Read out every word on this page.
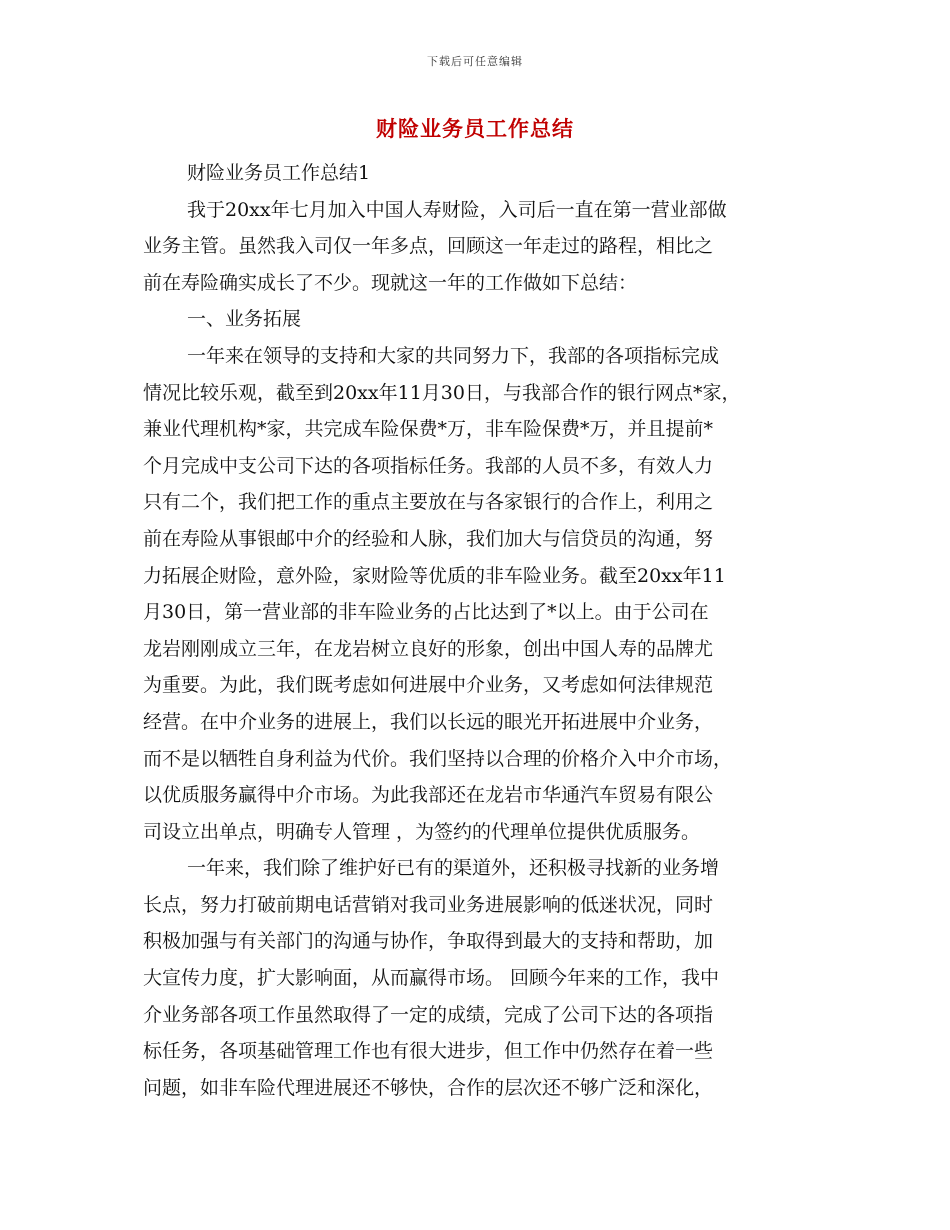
下载后可任意编辑
财险业务员工作总结
财险业务员工作总结1
我于20xx年七月加入中国人寿财险，入司后一直在第一营业部做
业务主管。虽然我入司仅一年多点，回顾这一年走过的路程，相比之
前在寿险确实成长了不少。现就这一年的工作做如下总结：
一、业务拓展
一年来在领导的支持和大家的共同努力下，我部的各项指标完成
情况比较乐观，截至到20xx年11月30日，与我部合作的银行网点*家，
兼业代理机构*家，共完成车险保费*万，非车险保费*万，并且提前*
个月完成中支公司下达的各项指标任务。我部的人员不多，有效人力
只有二个，我们把工作的重点主要放在与各家银行的合作上，利用之
前在寿险从事银邮中介的经验和人脉，我们加大与信贷员的沟通，努
力拓展企财险，意外险，家财险等优质的非车险业务。截至20xx年11
月30日，第一营业部的非车险业务的占比达到了*以上。由于公司在
龙岩刚刚成立三年，在龙岩树立良好的形象，创出中国人寿的品牌尤
为重要。为此，我们既考虑如何进展中介业务，又考虑如何法律规范
经营。在中介业务的进展上，我们以长远的眼光开拓进展中介业务，
而不是以牺牲自身利益为代价。我们坚持以合理的价格介入中介市场，
以优质服务赢得中介市场。为此我部还在龙岩市华通汽车贸易有限公
司设立出单点，明确专人管理 ，为签约的代理单位提供优质服务。
一年来，我们除了维护好已有的渠道外，还积极寻找新的业务增
长点，努力打破前期电话营销对我司业务进展影响的低迷状况，同时
积极加强与有关部门的沟通与协作，争取得到最大的支持和帮助，加
大宣传力度，扩大影响面，从而赢得市场。 回顾今年来的工作，我中
介业务部各项工作虽然取得了一定的成绩，完成了公司下达的各项指
标任务，各项基础管理工作也有很大进步，但工作中仍然存在着一些
问题，如非车险代理进展还不够快，合作的层次还不够广泛和深化，
